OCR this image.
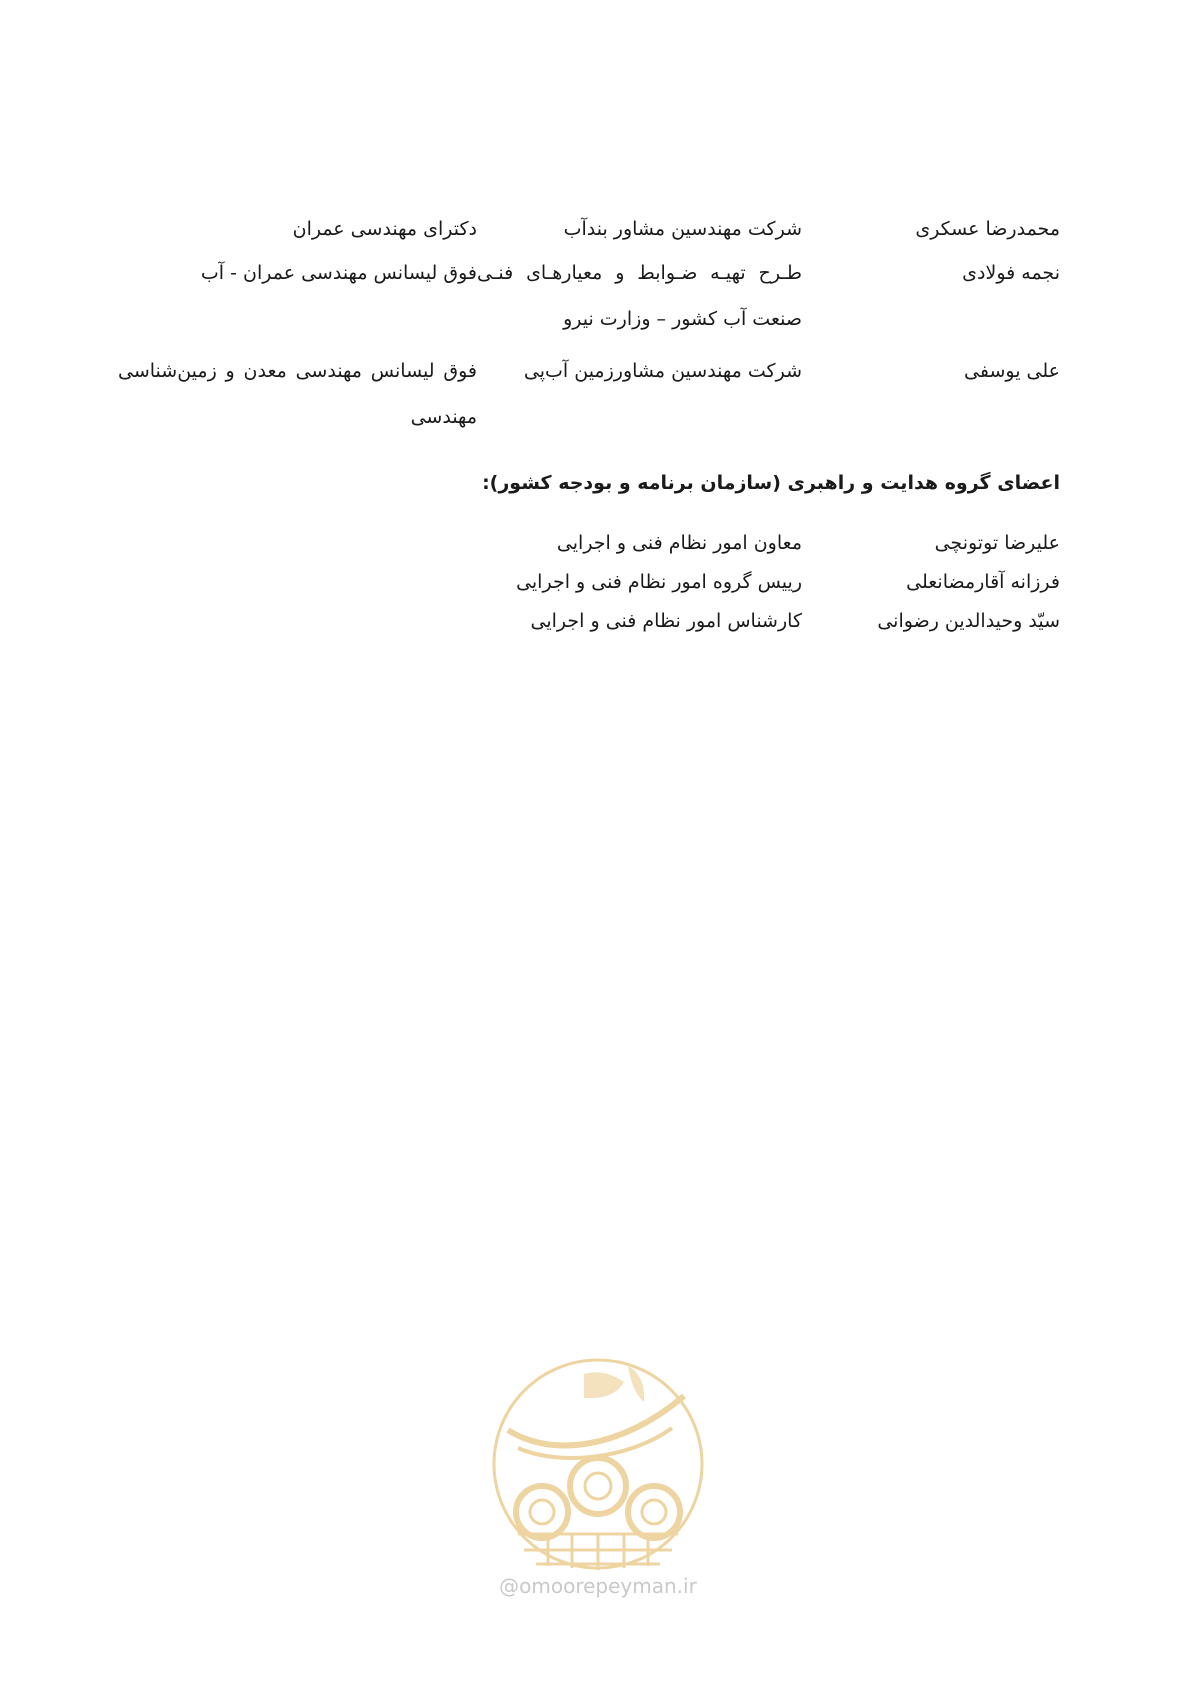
محمدرضا عسکری
شرکت مهندسین مشاور بندآب
دکترای مهندسی عمران
نجمه فولادی
طـرح تهیـه ضـوابط و معیارهـای فنـی صنعت آب کشور – وزارت نیرو
فوق لیسانس مهندسی عمران - آب
علی یوسفی
شرکت مهندسین مشاورزمین آب‌پی
فوق لیسانس مهندسی معدن و زمین‌شناسی مهندسی
اعضای گروه هدایت و راهبری (سازمان برنامه و بودجه کشور):
علیرضا توتونچی
معاون امور نظام فنی و اجرایی
فرزانه آقارمضانعلی
رییس گروه امور نظام فنی و اجرایی
سیّد وحیدالدین رضوانی
کارشناس امور نظام فنی و اجرایی
@omoorepeyman.ir
